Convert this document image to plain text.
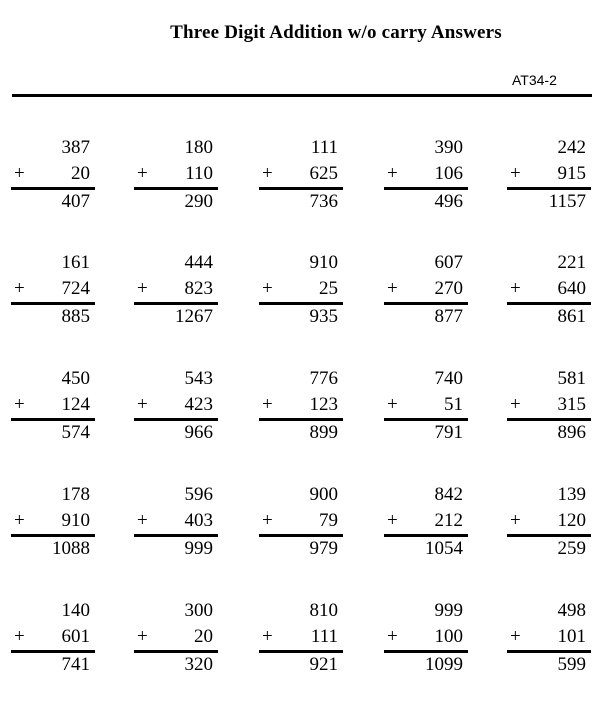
Three Digit Addition w/o carry Answers
AT34-2
387
+ 20
407
180
+ 110
290
111
+ 625
736
390
+ 106
496
242
+ 915
1157
161
+ 724
885
444
+ 823
1267
910
+ 25
935
607
+ 270
877
221
+ 640
861
450
+ 124
574
543
+ 423
966
776
+ 123
899
740
+ 51
791
581
+ 315
896
178
+ 910
1088
596
+ 403
999
900
+ 79
979
842
+ 212
1054
139
+ 120
259
140
+ 601
741
300
+ 20
320
810
+ 111
921
999
+ 100
1099
498
+ 101
599
